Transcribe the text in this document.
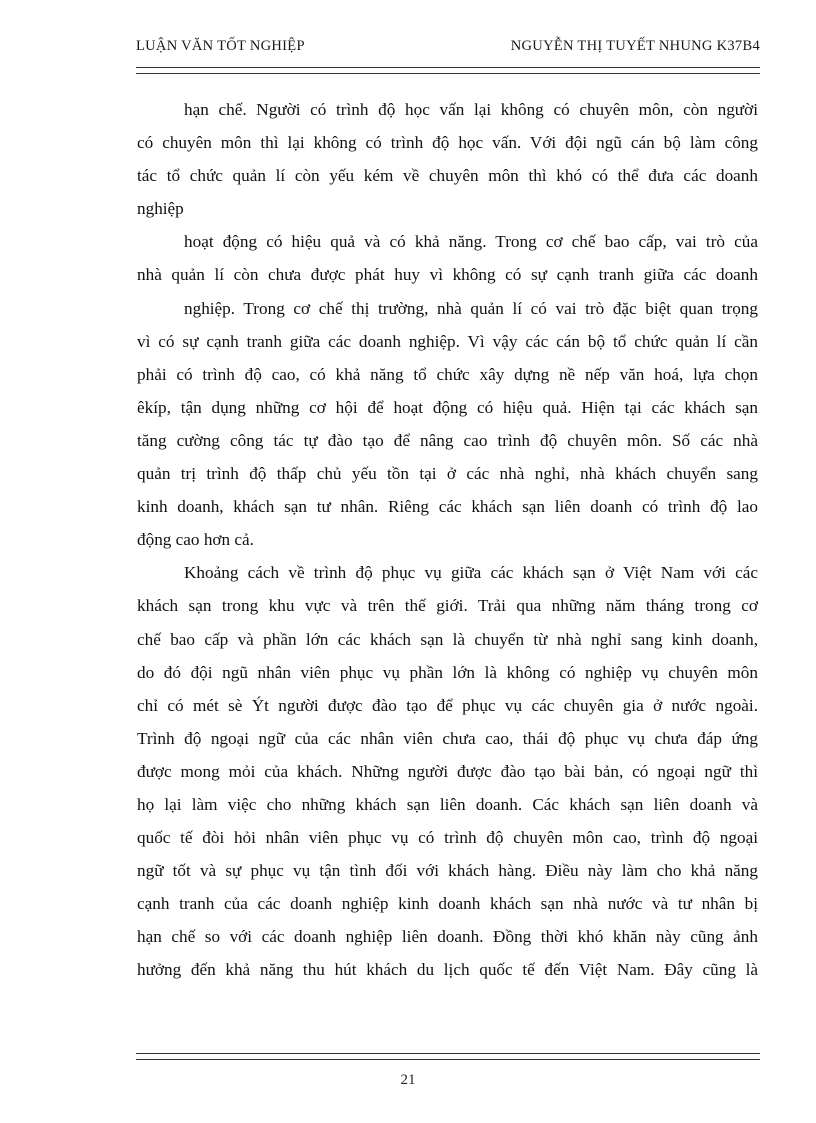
LUẬN VĂN TỐT NGHIỆP	NGUYỄN THỊ TUYẾT NHUNG K37B4
hạn chế. Người có trình độ học vấn lại không có chuyên môn, còn người
có chuyên môn thì lại không có trình độ học vấn. Với đội ngũ cán bộ làm công
tác tổ chức quản lí còn yếu kém về chuyên môn thì khó có thể đưa các doanh
nghiệp
hoạt động có hiệu quả và có khả năng. Trong cơ chế bao cấp, vai trò của
nhà quản lí còn chưa được phát huy vì không có sự cạnh tranh giữa các doanh
nghiệp. Trong cơ chế thị trường, nhà quản lí có vai trò đặc biệt quan trọng
vì có sự cạnh tranh giữa các doanh nghiệp. Vì vậy các cán bộ tổ chức quản lí cần
phải có trình độ cao, có khả năng tổ chức xây dựng nề nếp văn hoá, lựa chọn
êkíp, tận dụng những cơ hội để hoạt động có hiệu quả. Hiện tại các khách sạn
tăng cường công tác tự đào tạo để nâng cao trình độ chuyên môn. Số các nhà
quản trị trình độ thấp chủ yếu tồn tại ở các nhà nghỉ, nhà khách chuyển sang
kinh doanh, khách sạn tư nhân. Riêng các khách sạn liên doanh có trình độ lao
động cao hơn cả.
Khoảng cách về trình độ phục vụ giữa các khách sạn ở Việt Nam với các
khách sạn trong khu vực và trên thế giới. Trải qua những năm tháng trong cơ
chế bao cấp và phần lớn các khách sạn là chuyển từ nhà nghỉ sang kinh doanh,
do đó đội ngũ nhân viên phục vụ phần lớn là không có nghiệp vụ chuyên môn
chỉ có mét sè Ýt người được đào tạo để phục vụ các chuyên gia ở nước ngoài.
Trình độ ngoại ngữ của các nhân viên chưa cao, thái độ phục vụ chưa đáp ứng
được mong mỏi của khách. Những người được đào tạo bài bản, có ngoại ngữ thì
họ lại làm việc cho những khách sạn liên doanh. Các khách sạn liên doanh và
quốc tế đòi hỏi nhân viên phục vụ có trình độ chuyên môn cao, trình độ ngoại
ngữ tốt và sự phục vụ tận tình đối với khách hàng. Điều này làm cho khả năng
cạnh tranh của các doanh nghiệp kinh doanh khách sạn nhà nước và tư nhân bị
hạn chế so với các doanh nghiệp liên doanh. Đồng thời khó khăn này cũng ảnh
hưởng đến khả năng thu hút khách du lịch quốc tế đến Việt Nam. Đây cũng là
21
